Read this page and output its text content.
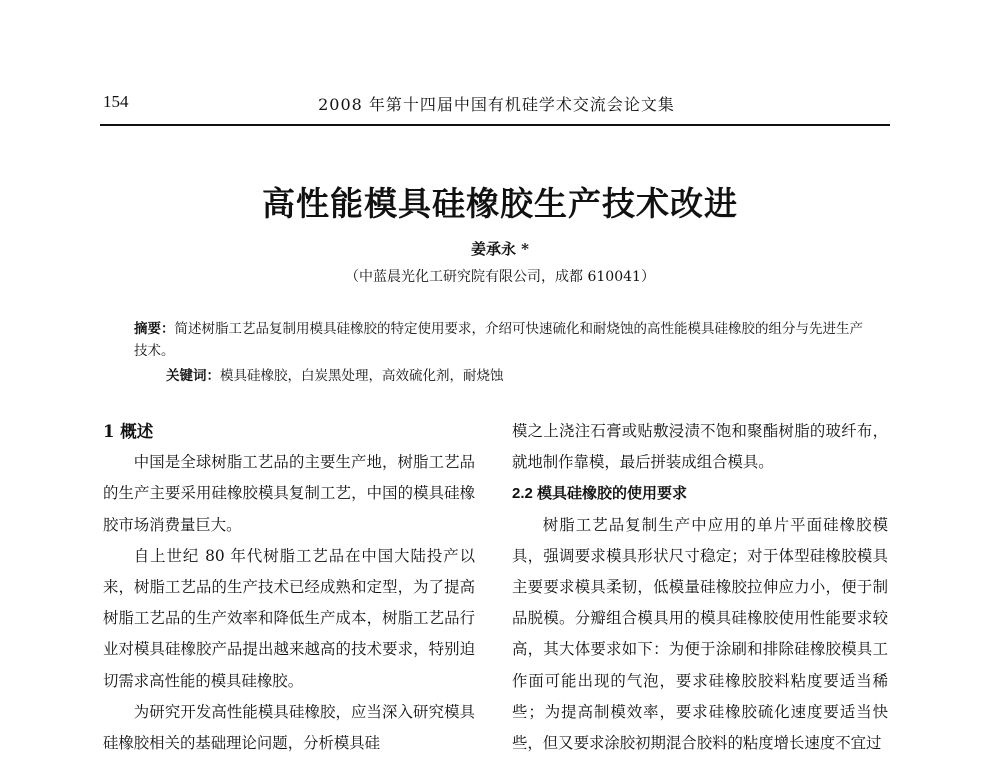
154	2008 年第十四届中国有机硅学术交流会论文集
高性能模具硅橡胶生产技术改进
姜承永 *
（中蓝晨光化工研究院有限公司，成都 610041）
摘要：简述树脂工艺品复制用模具硅橡胶的特定使用要求，介绍可快速硫化和耐烧蚀的高性能模具硅橡胶的组分与先进生产技术。
关键词：模具硅橡胶，白炭黑处理，高效硫化剂，耐烧蚀
1 概述

中国是全球树脂工艺品的主要生产地，树脂工艺品的生产主要采用硅橡胶模具复制工艺，中国的模具硅橡胶市场消费量巨大。

自上世纪 80 年代树脂工艺品在中国大陆投产以来，树脂工艺品的生产技术已经成熟和定型，为了提高树脂工艺品的生产效率和降低生产成本，树脂工艺品行业对模具硅橡胶产品提出越来越高的技术要求，特别迫切需求高性能的模具硅橡胶。

为研究开发高性能模具硅橡胶，应当深入研究模具硅橡胶相关的基础理论问题，分析模具硅

模之上浇注石膏或贴敷浸渍不饱和聚酯树脂的玻纤布，就地制作靠模，最后拼装成组合模具。

2.2 模具硅橡胶的使用要求

树脂工艺品复制生产中应用的单片平面硅橡胶模具，强调要求模具形状尺寸稳定；对于体型硅橡胶模具主要要求模具柔韧，低模量硅橡胶拉伸应力小，便于制品脱模。分瓣组合模具用的模具硅橡胶使用性能要求较高，其大体要求如下：为便于涂刷和排除硅橡胶模具工作面可能出现的气泡，要求硅橡胶胶料粘度要适当稀些；为提高制模效率，要求硅橡胶硫化速度要适当快些，但又要求涂胶初期混合胶料的粘度增长速度不宜过
